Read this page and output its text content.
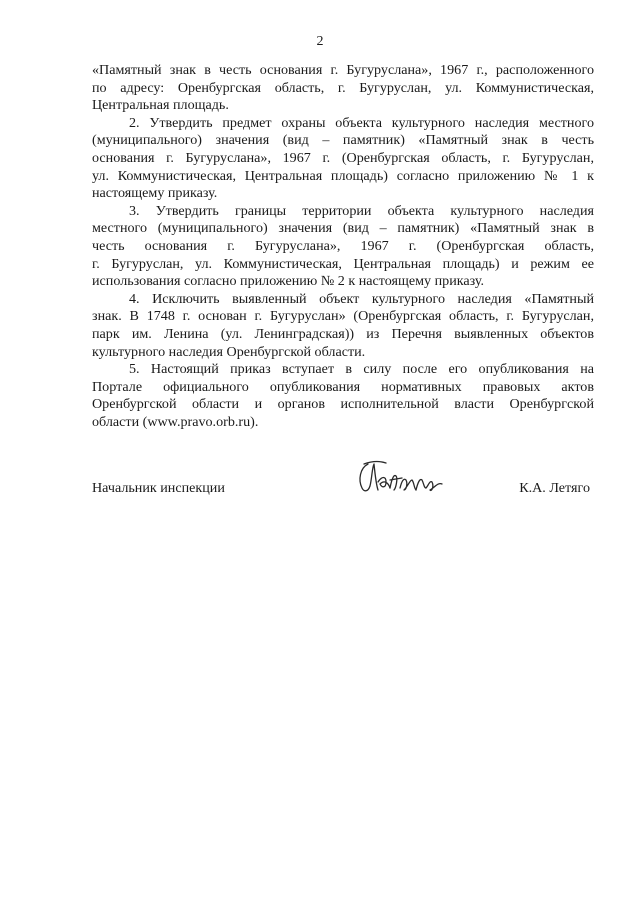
2

«Памятный знак в честь основания г. Бугуруслана», 1967 г., расположенного
по адресу: Оренбургская область, г. Бугуруслан, ул. Коммунистическая,
Центральная площадь.

2. Утвердить предмет охраны объекта культурного наследия местного
(муниципального) значения (вид – памятник) «Памятный знак в честь
основания г. Бугуруслана», 1967 г. (Оренбургская область, г. Бугуруслан,
ул. Коммунистическая, Центральная площадь) согласно приложению № 1 к
настоящему приказу.

3. Утвердить границы территории объекта культурного наследия
местного (муниципального) значения (вид – памятник) «Памятный знак в
честь основания г. Бугуруслана», 1967 г. (Оренбургская область,
г. Бугуруслан, ул. Коммунистическая, Центральная площадь) и режим ее
использования согласно приложению № 2 к настоящему приказу.

4. Исключить выявленный объект культурного наследия «Памятный
знак. В 1748 г. основан г. Бугуруслан» (Оренбургская область, г. Бугуруслан,
парк им. Ленина (ул. Ленинградская)) из Перечня выявленных объектов
культурного наследия Оренбургской области.

5. Настоящий приказ вступает в силу после его опубликования на
Портале официального опубликования нормативных правовых актов
Оренбургской области и органов исполнительной власти Оренбургской
области (www.pravo.orb.ru).

Начальник инспекции	К.А. Летяго
